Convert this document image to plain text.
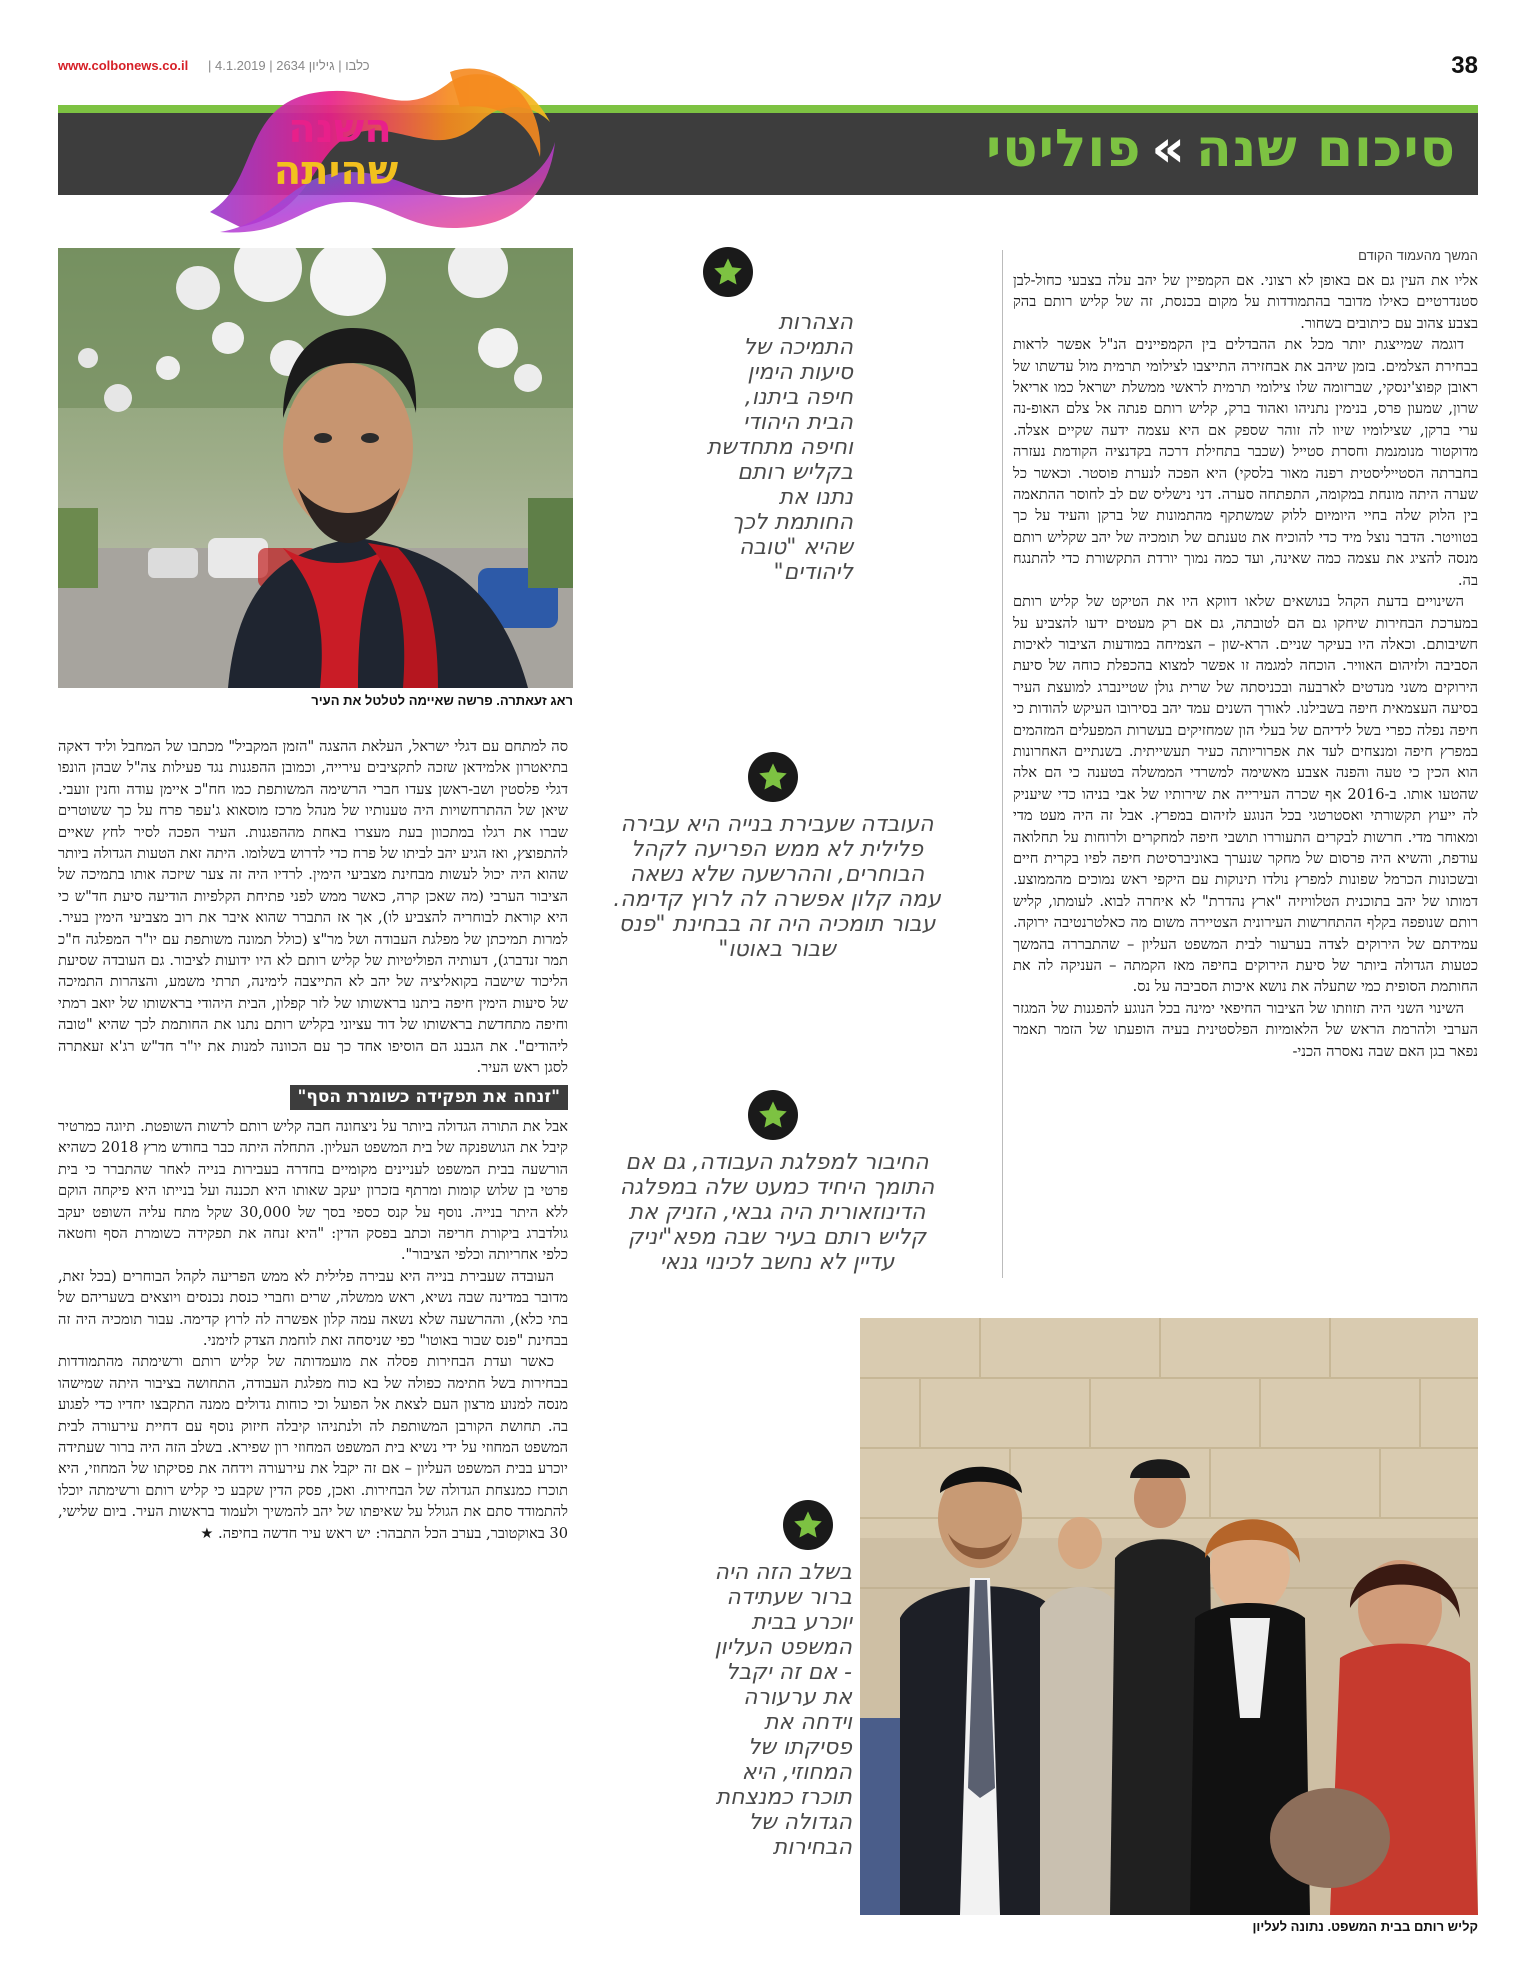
www.colbonews.co.il | כלבו | גיליון 2634 | 4.1.2019	38
סיכום שנה»פוליטי
השנה
שהיתה
ראג זעאתרה. פרשה שאיימה לטלטל את העיר
המשך מהעמוד הקודם

אליו את העין גם אם באופן לא רצוני. אם הקמפיין של יהב עלה בצבעי כחול-לבן סטנדרטיים כאילו מדובר בהתמודדות על מקום בכנסת, זה של קליש רותם בהק בצבע צהוב עם כיתובים בשחור.

דוגמה שמייצגת יותר מכל את ההבדלים בין הקמפיינים הנ"ל אפשר לראות בבחירת הצלמים. בזמן שיהב את אבחזירה התייצבו לצילומי תרמית מול עדשתו של ראובן קפוצ'ינסקי, שברזומה שלו צילומי תרמית לראשי ממשלת ישראל כמו אריאל שרון, שמעון פרס, בנימין נתניהו ואהוד ברק, קליש רותם פנתה אל צלם האופ-נה ערי ברקן, שצילומיו שיוו לה זוהר שספק אם היא עצמה ידעה שקיים אצלה. מדוקטור מנומנמת וחסרת סטייל (שכבר בתחילת דרכה בקדנציה הקודמת נעזרה בחברתה הסטייליסטית רפנה מאור בלסקי) היא הפכה לנערת פוסטר. וכאשר כל שערה היתה מונחת במקומה, התפתחה סערה. דני נישליס שם לב לחוסר ההתאמה בין הלוק שלה בחיי היומיום ללוק שמשתקף מהתמונות של ברקן והעיד על כך בטוויטר. הדבר נוצל מיד כדי להוכיח את טענתם של תומכיה של יהב שקליש רותם מנסה להציג את עצמה כמה שאינה, ועד כמה נמוך יורדת התקשורת כדי להתנגח בה.

השינויים בדעת הקהל בנושאים שלאו דווקא היו את הטיקט של קליש רותם במערכת הבחירות שיחקו גם הם לטובתה, גם אם רק מעטים ידעו להצביע על חשיבותם. וכאלה היו בעיקר שניים. הרא-שון – הצמיחה במודעות הציבור לאיכות הסביבה ולזיהום האוויר. הוכחה למגמה זו אפשר למצוא בהכפלת כוחה של סיעת הירוקים משני מנדטים לארבעה ובכניסתה של שרית גולן שטיינברג למועצת העיר בסיעה העצמאית חיפה בשבילנו. לאורך השנים עמד יהב בסירובו העיקש להודות כי חיפה נפלה כפרי בשל לידיהם של בעלי הון שמחזיקים בעשרות המפעלים המזהמים במפרץ חיפה ומנצחים לעד את אפרוריותה כעיר תעשייתית. בשנתיים האחרונות הוא הכין כי טעה והפנה אצבע מאשימה למשרדי הממשלה בטענה כי הם אלה שהטעו אותו. ב-2016 אף שכרה העירייה את שירותיו של אבי בניהו כדי שיעניק לה ייעוץ תקשורתי ואסטרטגי בכל הנוגע לזיהום במפרץ. אבל זה היה מעט מדי ומאוחר מדי. חרשות לבקרים התעוררו תושבי חיפה למחקרים ולרוחות על תחלואה עודפת, והשיא היה פרסום של מחקר שנערך באוניברסיטת חיפה לפיו בקרית חיים ובשכונות הכרמל שפונות למפרץ נולדו תינוקות עם היקפי ראש נמוכים מהממוצע. דמותו של יהב בתוכנית הטלוויזיה "ארץ נהדרת" לא איחרה לבוא. לעומתו, קליש רותם שנופפה בקלף ההתחרשות העירונית הצטיירה משום מה כאלטרנטיבה ירוקה. עמידתם של הירוקים לצדה בערעור לבית המשפט העליון – שהתבררה בהמשך כטעות הגדולה ביותר של סיעת הירוקים בחיפה מאז הקמתה – העניקה לה את החותמת הסופית כמי שתעלה את נושא איכות הסביבה על נס.

השינוי השני היה תזוזתו של הציבור החיפאי ימינה בכל הנוגע להפגנות של המגזר הערבי ולהרמת הראש של הלאומיות הפלסטינית בעיה הופעתו של הזמר תאמר נפאר בגן האם שבה נאסרה הכני-

סה למתחם עם דגלי ישראל, העלאת ההצגה "הזמן המקביל" מכתבו של המחבל וליד דאקה בתיאטרון אלמידאן שזכה לתקציבים עירייה, וכמובן ההפגנות נגד פעילות צה"ל שבהן הונפו דגלי פלסטין ושב-ראשן צעדו חברי הרשימה המשותפת כמו חח"כ איימן עודה וחנין זועבי. שיאן של ההתרחשויות היה טענותיו של מנהל מרכז מוסאוא ג'עפר פרח על כך ששוטרים שברו את רגלו במתכוון בעת מעצרו באחת מההפגנות. העיר הפכה לסיר לחץ שאיים להתפוצץ, ואז הגיע יהב לביתו של פרח כדי לדרוש בשלומו. היתה זאת הטעות הגדולה ביותר שהוא היה יכול לעשות מבחינת מצביעי הימין. לרדיו היה זה צער שיזכה אותו בתמיכה של הציבור הערבי (מה שאכן קרה, כאשר ממש לפני פתיחת הקלפיות הודיעה סיעת חד"ש כי היא קוראת לבוחריה להצביע לו), אך אז התברר שהוא איבר את רוב מצביעי הימין בעיר. למרות תמיכתן של מפלגת העבודה ושל מר"צ (כולל תמונה משותפת עם יו"ר המפלגה ח"כ תמר זנדברג), דעותיה הפוליטיות של קליש רותם לא היו ידועות לציבור. גם העובדה שסיעת הליכוד שישבה בקואליציה של יהב לא התייצבה לימינה, תרתי משמע, והצהרות התמיכה של סיעות הימין חיפה ביתנו בראשותו של לזר קפלון, הבית היהודי בראשותו של יואב רמתי וחיפה מתחדשת בראשותו של דוד עציוני בקליש רותם נתנו את החותמת לכך שהיא "טובה ליהודים". את הגבנג הם הוסיפו אחד כך עם הכוונה למנות את יו"ר חד"ש רג'א זעאתרה לסגן ראש העיר.

"זנחה את תפקידה כשומרת הסף"

אבל את התורה הגדולה ביותר על ניצחונה חבה קליש רותם לרשות השופטת. תיוגה כמרטיר קיבל את הגושפנקה של בית המשפט העליון. התחלה היתה כבר בחודש מרץ 2018 כשהיא הורשעה בבית המשפט לעניינים מקומיים בחדרה בעבירות בנייה לאחר שהתברר כי בית פרטי בן שלוש קומות ומרתף בזכרון יעקב שאותו היא תכננה ועל בנייתו היא פיקחה הוקם ללא היתר בנייה. נוסף על קנס כספי בסך של 30,000 שקל מתח עליה השופט יעקב גולדברג ביקורת חריפה וכתב בפסק הדין: "היא זנחה את תפקידה כשומרת הסף וחטאה כלפי אחריותה וכלפי הציבור".

העובדה שעבירת בנייה היא עבירה פלילית לא ממש הפריעה לקהל הבוחרים (בכל זאת, מדובר במדינה שבה נשיא, ראש ממשלה, שרים וחברי כנסת נכנסים ויוצאים בשעריהם של בתי כלא), וההרשעה שלא נשאה עמה קלון אפשרה לה לרוץ קדימה. עבור תומכיה היה זה בבחינת "פנס שבור באוטו" כפי שניסחה זאת לוחמת הצדק לזימני.

כאשר ועדת הבחירות פסלה את מועמדותה של קליש רותם ורשימתה מהתמודדות בבחירות בשל חתימה כפולה של בא כוח מפלגת העבודה, התחושה בציבור היתה שמישהו מנסה למנוע מרצון העם לצאת אל הפועל וכי כוחות גדולים ממנה התקבצו יחדיו כדי לפגוע בה. תחושת הקורבן המשותפת לה ולנתניהו קיבלה חיזוק נוסף עם דחיית עירעורה לבית המשפט המחוזי על ידי נשיא בית המשפט המחוזי רון שפירא. בשלב הזה היה ברור שעתידה יוכרע בבית המשפט העליון – אם זה יקבל את עירעורה וידחה את פסיקתו של המחוזי, היא תוכרז כמנצחת הגדולה של הבחירות. ואכן, פסק הדין שקבע כי קליש רותם ורשימתה יוכלו להתמודד סתם את הגולל על שאיפתו של יהב להמשיך ולעמוד בראשות העיר. ביום שלישי, 30 באוקטובר, בערב הכל התבהר: יש ראש עיר חדשה בחיפה. ★

הצהרות התמיכה של סיעות הימין חיפה ביתנו, הבית היהודי וחיפה מתחדשת בקליש רותם נתנו את החותמת לכך שהיא "טובה ליהודים"
העובדה שעבירת בנייה היא עבירה פלילית לא ממש הפריעה לקהל הבוחרים, וההרשעה שלא נשאה עמה קלון אפשרה לה לרוץ קדימה. עבור תומכיה היה זה בבחינת "פנס שבור באוטו"
החיבור למפלגת העבודה, גם אם התומך היחיד כמעט שלה במפלגה הדינוזאורית היה גבאי, הזניק את קליש רותם בעיר שבה מפא"יניק עדיין לא נחשב לכינוי גנאי
בשלב הזה היה ברור שעתידה יוכרע בבית המשפט העליון - אם זה יקבל את ערעורה וידחה את פסיקתו של המחוזי, היא תוכרז כמנצחת הגדולה של הבחירות
קליש רותם בבית המשפט. נתונה לעליון
